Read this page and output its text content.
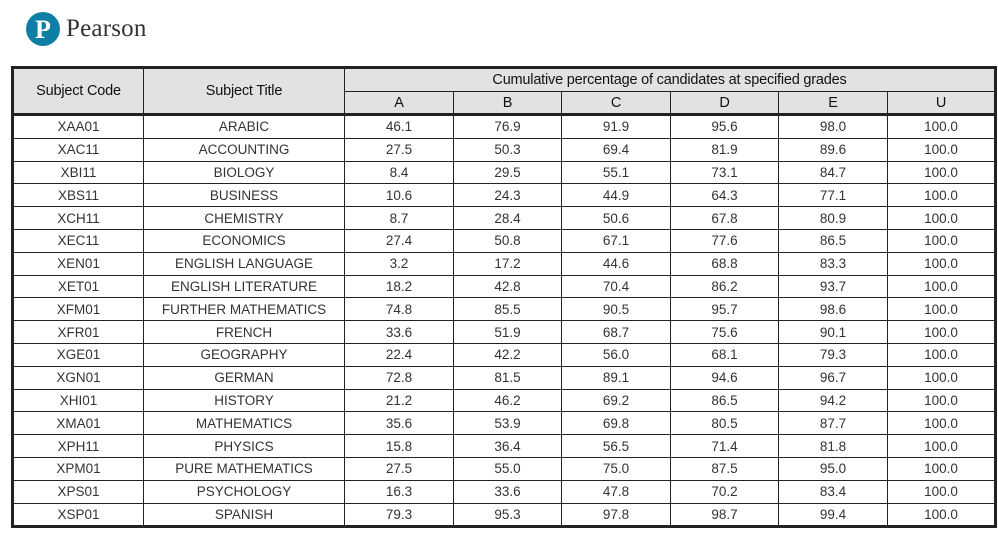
P Pearson
Subject Code	Subject Title	Cumulative percentage of candidates at specified grades					
		A	B	C	D	E	U
XAA01	ARABIC	46.1	76.9	91.9	95.6	98.0	100.0
XAC11	ACCOUNTING	27.5	50.3	69.4	81.9	89.6	100.0
XBI11	BIOLOGY	8.4	29.5	55.1	73.1	84.7	100.0
XBS11	BUSINESS	10.6	24.3	44.9	64.3	77.1	100.0
XCH11	CHEMISTRY	8.7	28.4	50.6	67.8	80.9	100.0
XEC11	ECONOMICS	27.4	50.8	67.1	77.6	86.5	100.0
XEN01	ENGLISH LANGUAGE	3.2	17.2	44.6	68.8	83.3	100.0
XET01	ENGLISH LITERATURE	18.2	42.8	70.4	86.2	93.7	100.0
XFM01	FURTHER MATHEMATICS	74.8	85.5	90.5	95.7	98.6	100.0
XFR01	FRENCH	33.6	51.9	68.7	75.6	90.1	100.0
XGE01	GEOGRAPHY	22.4	42.2	56.0	68.1	79.3	100.0
XGN01	GERMAN	72.8	81.5	89.1	94.6	96.7	100.0
XHI01	HISTORY	21.2	46.2	69.2	86.5	94.2	100.0
XMA01	MATHEMATICS	35.6	53.9	69.8	80.5	87.7	100.0
XPH11	PHYSICS	15.8	36.4	56.5	71.4	81.8	100.0
XPM01	PURE MATHEMATICS	27.5	55.0	75.0	87.5	95.0	100.0
XPS01	PSYCHOLOGY	16.3	33.6	47.8	70.2	83.4	100.0
XSP01	SPANISH	79.3	95.3	97.8	98.7	99.4	100.0
